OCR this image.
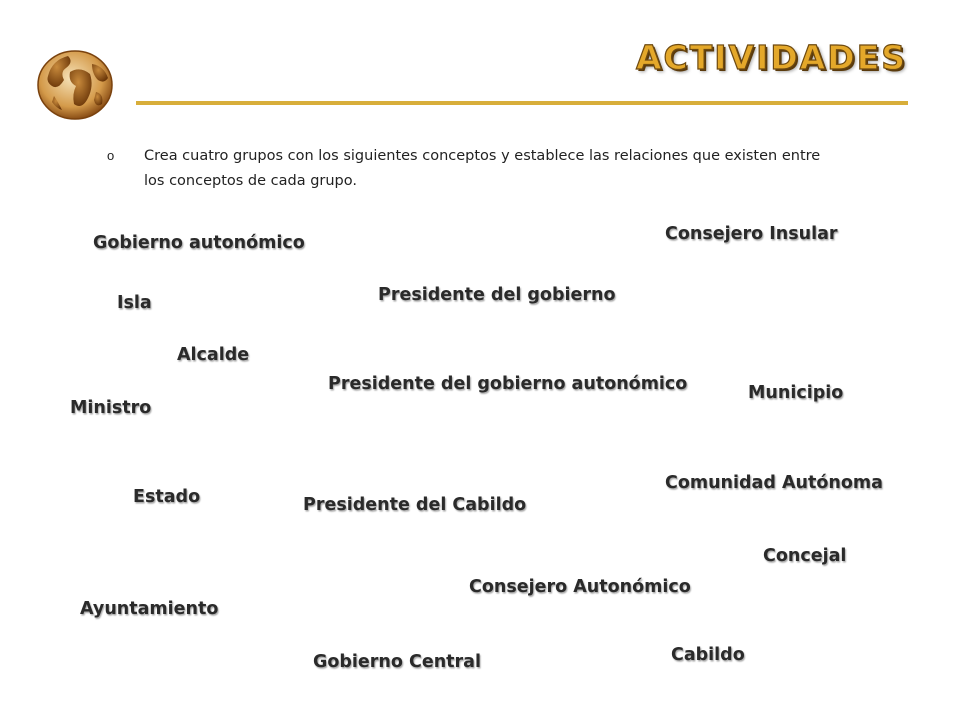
ACTIVIDADES
o Crea cuatro grupos con los siguientes conceptos y establece las relaciones que existen entre los conceptos de cada grupo.
Gobierno autonómico	Consejero Insular
Isla	Presidente del gobierno
Alcalde
Presidente del gobierno autonómico	Municipio
Ministro
Comunidad Autónoma
Estado	Presidente del Cabildo
Concejal
Consejero Autonómico
Ayuntamiento
Cabildo
Gobierno Central
